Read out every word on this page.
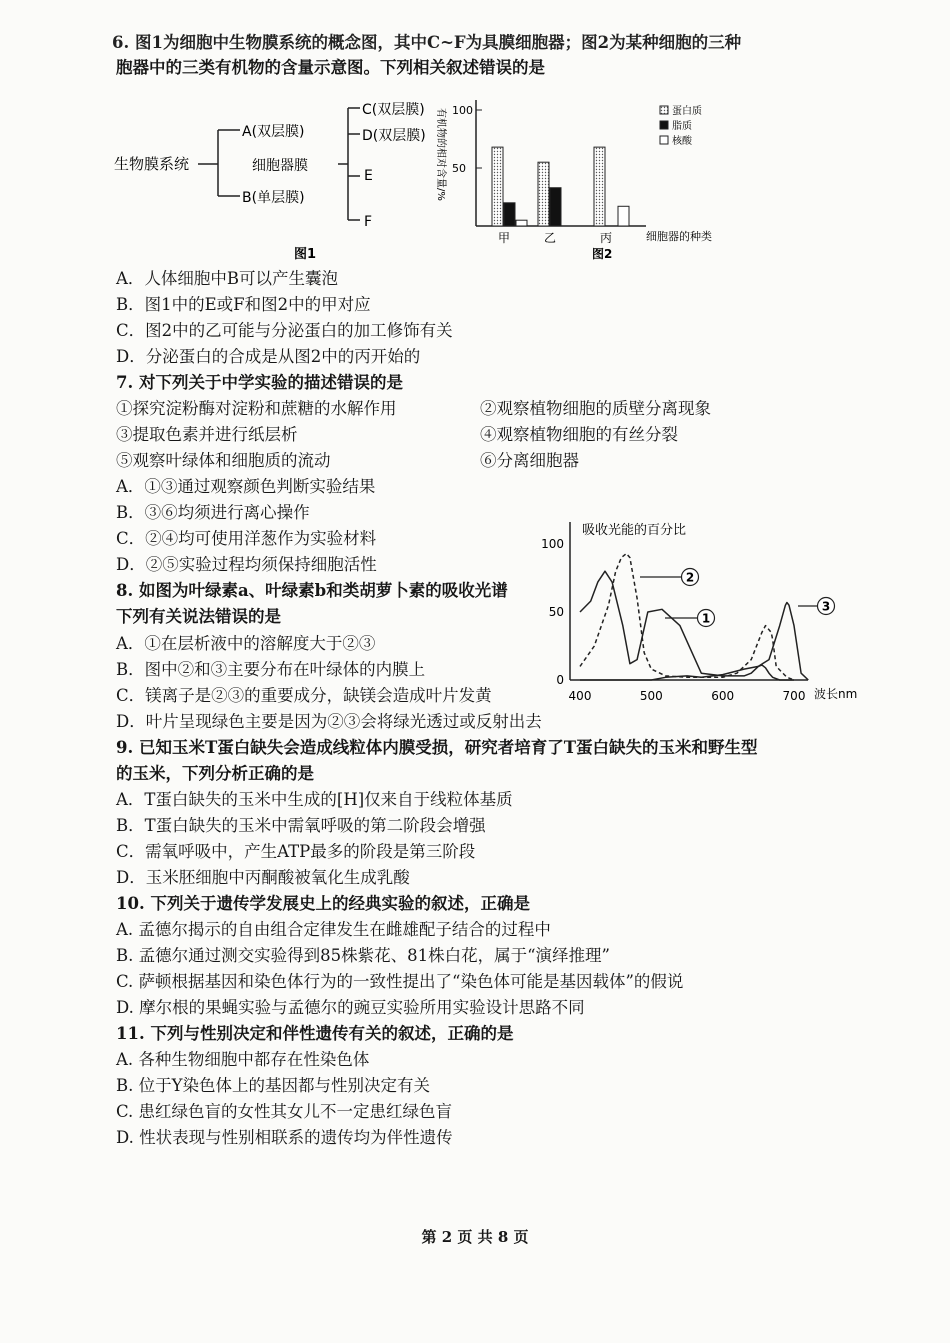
6. 图1为细胞中生物膜系统的概念图，其中C~F为具膜细胞器；图2为某种细胞的三种
胞器中的三类有机物的含量示意图。下列相关叙述错误的是
生物膜系统
A(双层膜)
细胞器膜
B(单层膜)
C(双层膜)
D(双层膜)
E
F
图1
有机物的相对含量/% 100
50
甲	乙	丙	细胞器的种类
图2
蛋白质
脂质
核酸
A．人体细胞中B可以产生囊泡
B．图1中的E或F和图2中的甲对应
C．图2中的乙可能与分泌蛋白的加工修饰有关
D．分泌蛋白的合成是从图2中的丙开始的
7. 对下列关于中学实验的描述错误的是
①探究淀粉酶对淀粉和蔗糖的水解作用	②观察植物细胞的质壁分离现象
③提取色素并进行纸层析	④观察植物细胞的有丝分裂
⑤观察叶绿体和细胞质的流动	⑥分离细胞器
A．①③通过观察颜色判断实验结果
B．③⑥均须进行离心操作
C．②④均可使用洋葱作为实验材料
D．②⑤实验过程均须保持细胞活性
吸收光能的百分比
100
50
0
400	500	600	700 波长nm
1
2
3
8. 如图为叶绿素a、叶绿素b和类胡萝卜素的吸收光谱
下列有关说法错误的是
A．①在层析液中的溶解度大于②③
B．图中②和③主要分布在叶绿体的内膜上
C．镁离子是②③的重要成分，缺镁会造成叶片发黄
D．叶片呈现绿色主要是因为②③会将绿光透过或反射出去
9. 已知玉米T蛋白缺失会造成线粒体内膜受损，研究者培育了T蛋白缺失的玉米和野生型
的玉米，下列分析正确的是
A．T蛋白缺失的玉米中生成的[H]仅来自于线粒体基质
B．T蛋白缺失的玉米中需氧呼吸的第二阶段会增强
C．需氧呼吸中，产生ATP最多的阶段是第三阶段
D．玉米胚细胞中丙酮酸被氧化生成乳酸
10. 下列关于遗传学发展史上的经典实验的叙述，正确是
A. 孟德尔揭示的自由组合定律发生在雌雄配子结合的过程中
B. 孟德尔通过测交实验得到85株紫花、81株白花，属于“演绎推理”
C. 萨顿根据基因和染色体行为的一致性提出了“染色体可能是基因载体”的假说
D. 摩尔根的果蝇实验与孟德尔的豌豆实验所用实验设计思路不同
11. 下列与性别决定和伴性遗传有关的叙述，正确的是
A. 各种生物细胞中都存在性染色体
B. 位于Y染色体上的基因都与性别决定有关
C. 患红绿色盲的女性其女儿不一定患红绿色盲
D. 性状表现与性别相联系的遗传均为伴性遗传
第 2 页 共 8 页
